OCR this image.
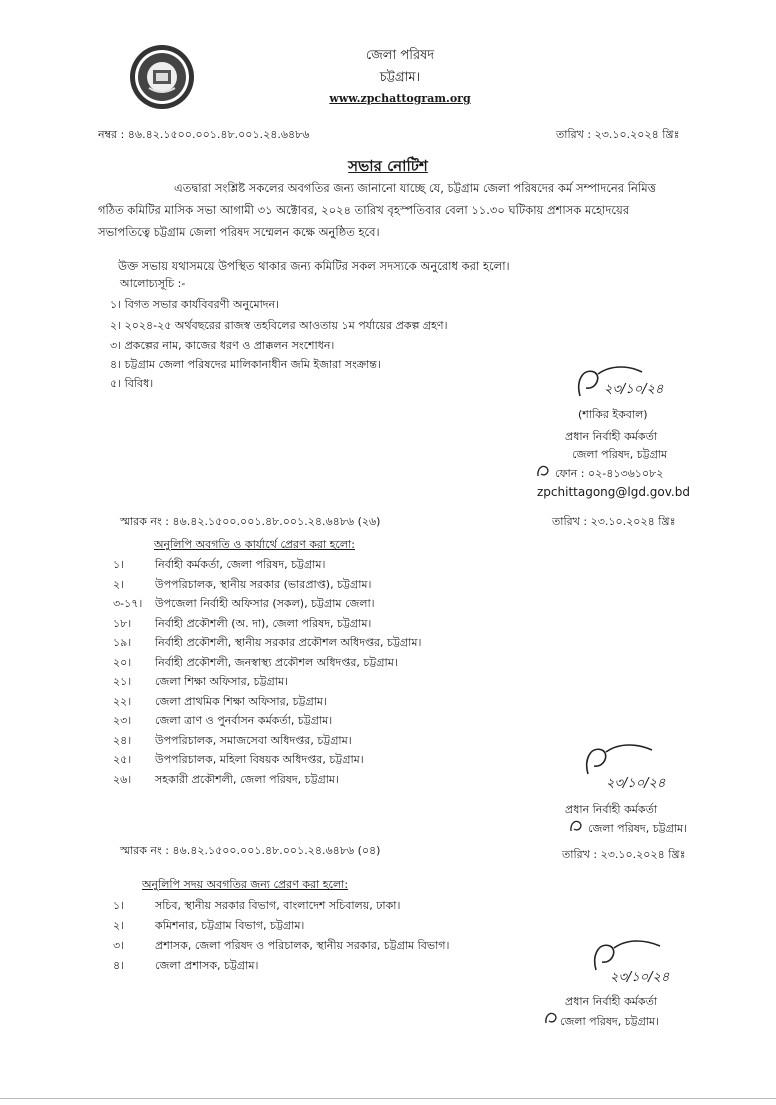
জেলা পরিষদ
চট্টগ্রাম।
www.zpchattogram.org
নম্বর : ৪৬.৪২.১৫০০.০০১.৪৮.০০১.২৪.৬৪৮৬	তারিখ : ২৩.১০.২০২৪ খ্রিঃ
সভার নোটিশ
এতদ্বারা সংশ্লিষ্ট সকলের অবগতির জন্য জানানো যাচ্ছে যে, চট্টগ্রাম জেলা পরিষদের কর্ম সম্পাদনের নিমিত্ত
গঠিত কমিটির মাসিক সভা আগামী ৩১ অক্টোবর, ২০২৪ তারিখ বৃহস্পতিবার বেলা ১১.৩০ ঘটিকায় প্রশাসক মহোদয়ের
সভাপতিত্বে চট্টগ্রাম জেলা পরিষদ সম্মেলন কক্ষে অনুষ্ঠিত হবে।
উক্ত সভায় যথাসময়ে উপস্থিত থাকার জন্য কমিটির সকল সদস্যকে অনুরোধ করা হলো।
আলোচ্যসূচি :-
১। বিগত সভার কার্যবিবরণী অনুমোদন।
২। ২০২৪-২৫ অর্থবছরের রাজস্ব তহবিলের আওতায় ১ম পর্যায়ের প্রকল্প গ্রহণ।
৩। প্রকল্পের নাম, কাজের ধরণ ও প্রাক্কলন সংশোধন।
৪। চট্টগ্রাম জেলা পরিষদের মালিকানাধীন জমি ইজারা সংক্রান্ত।
৫। বিবিধ।	২৩/১০/২৪
(শাকির ইকবাল)
প্রধান নির্বাহী কর্মকর্তা
জেলা পরিষদ, চট্টগ্রাম
ফোন : ০২-৪১৩৬১০৮২
zpchittagong@lgd.gov.bd
স্মারক নং : ৪৬.৪২.১৫০০.০০১.৪৮.০০১.২৪.৬৪৮৬ (২৬)	তারিখ : ২৩.১০.২০২৪ খ্রিঃ
অনুলিপি অবগতি ও কার্যার্থে প্রেরণ করা হলো:
১।	নির্বাহী কর্মকর্তা, জেলা পরিষদ, চট্টগ্রাম।
২।	উপপরিচালক, স্থানীয় সরকার (ভারপ্রাপ্ত), চট্টগ্রাম।
৩-১৭। উপজেলা নির্বাহী অফিসার (সকল), চট্টগ্রাম জেলা।
১৮। নির্বাহী প্রকৌশলী (অ. দা), জেলা পরিষদ, চট্টগ্রাম।
১৯। নির্বাহী প্রকৌশলী, স্থানীয় সরকার প্রকৌশল অধিদপ্তর, চট্টগ্রাম।
২০। নির্বাহী প্রকৌশলী, জনস্বাস্থ্য প্রকৌশল অধিদপ্তর, চট্টগ্রাম।
২১। জেলা শিক্ষা অফিসার, চট্টগ্রাম।
২২। জেলা প্রাথমিক শিক্ষা অফিসার, চট্টগ্রাম।
২৩। জেলা ত্রাণ ও পুনর্বাসন কর্মকর্তা, চট্টগ্রাম।
২৪। উপপরিচালক, সমাজসেবা অধিদপ্তর, চট্টগ্রাম।
২৫। উপপরিচালক, মহিলা বিষয়ক অধিদপ্তর, চট্টগ্রাম।
২৬। সহকারী প্রকৌশলী, জেলা পরিষদ, চট্টগ্রাম।	২৩/১০/২৪
প্রধান নির্বাহী কর্মকর্তা
জেলা পরিষদ, চট্টগ্রাম।
স্মারক নং : ৪৬.৪২.১৫০০.০০১.৪৮.০০১.২৪.৬৪৮৬ (০৪)	তারিখ : ২৩.১০.২০২৪ খ্রিঃ
অনুলিপি সদয় অবগতির জন্য প্রেরণ করা হলো:
১।	সচিব, স্থানীয় সরকার বিভাগ, বাংলাদেশ সচিবালয়, ঢাকা।
২।	কমিশনার, চট্টগ্রাম বিভাগ, চট্টগ্রাম।
৩।	প্রশাসক, জেলা পরিষদ ও পরিচালক, স্থানীয় সরকার, চট্টগ্রাম বিভাগ।
৪।	জেলা প্রশাসক, চট্টগ্রাম।
২৩/১০/২৪
প্রধান নির্বাহী কর্মকর্তা
জেলা পরিষদ, চট্টগ্রাম।
